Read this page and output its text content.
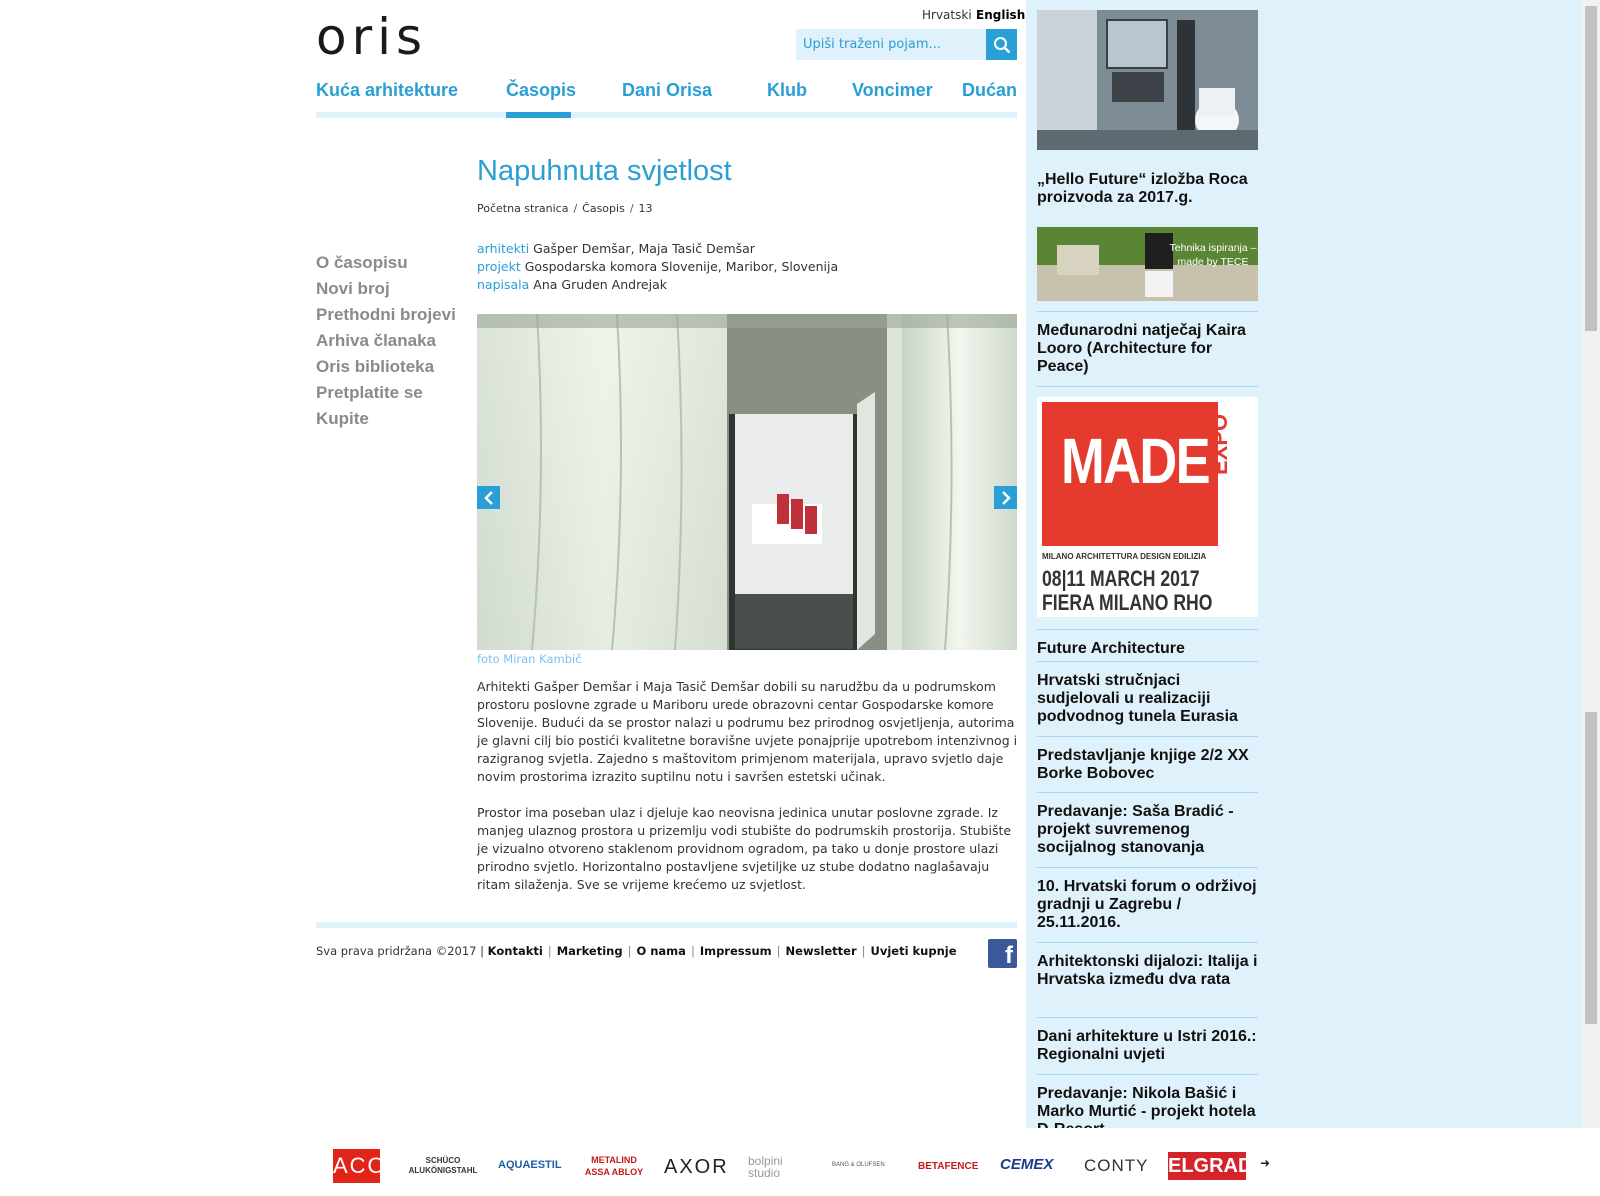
oris	Hrvatski English
Upiši traženi pojam...
Kuća arhitekture	Časopis	Dani Orisa	Klub	Voncimer Dućan
O časopisu
Novi broj
Prethodni brojevi
Arhiva članaka
Oris biblioteka
Pretplatite se
Kupite
Napuhnuta svjetlost
Početna stranica / Časopis / 13
arhitekti Gašper Demšar, Maja Tasič Demšar
projekt Gospodarska komora Slovenije, Maribor, Slovenija
napisala Ana Gruden Andrejak
foto Miran Kambič

Arhitekti Gašper Demšar i Maja Tasič Demšar dobili su narudžbu da u podrumskom prostoru poslovne zgrade u Mariboru urede obrazovni centar Gospodarske komore Slovenije. Budući da se prostor nalazi u podrumu bez prirodnog osvjetljenja, autorima je glavni cilj bio postići kvalitetne boravišne uvjete ponajprije upotrebom intenzivnog i razigranog svjetla. Zajedno s maštovitom primjenom materijala, upravo svjetlo daje novim prostorima izrazito suptilnu notu i savršen estetski učinak.

Prostor ima poseban ulaz i djeluje kao neovisna jedinica unutar poslovne zgrade. Iz manjeg ulaznog prostora u prizemlju vodi stubište do podrumskih prostorija. Stubište je vizualno otvoreno staklenom providnom ogradom, pa tako u donje prostore ulazi prirodno svjetlo. Horizontalno postavljene svjetiljke uz stube dodatno naglašavaju ritam silaženja. Sve se vrijeme krećemo uz svjetlost.

Sva prava pridržana ©2017 | Kontakti | Marketing | O nama | Impressum | Newsletter | Uvjeti kupnje	f
„Hello Future“ izložba Roca proizvoda za 2017.g.
Tehnika ispiranja – made by TECE
Međunarodni natječaj Kaira Looro (Architecture for Peace)
MADE
EXPO
MILANO ARCHITETTURA DESIGN EDILIZIA
08|11 MARCH 2017
FIERA MILANO RHO
Future Architecture
Hrvatski stručnjaci sudjelovali u realizaciji podvodnog tunela Eurasia
Predstavljanje knjige 2/2 XX Borke Bobovec
Predavanje: Saša Bradić - projekt suvremenog socijalnog stanovanja
10. Hrvatski forum o održivoj gradnji u Zagrebu / 25.11.2016.
Arhitektonski dijalozi: Italija i Hrvatska između dva rata
Dani arhitekture u Istri 2016.: Regionalni uvjeti
Predavanje: Nikola Bašić i Marko Murtić - projekt hotela
ACO	SCHÜCO ALUKÖNIGSTAHL AQUAESTIL	METALIND ASSA ABLOY AXOR bolpini studio
BANG & OLUFSEN	BETAFENCE CEMEX CONTY ELGRAD ➜
